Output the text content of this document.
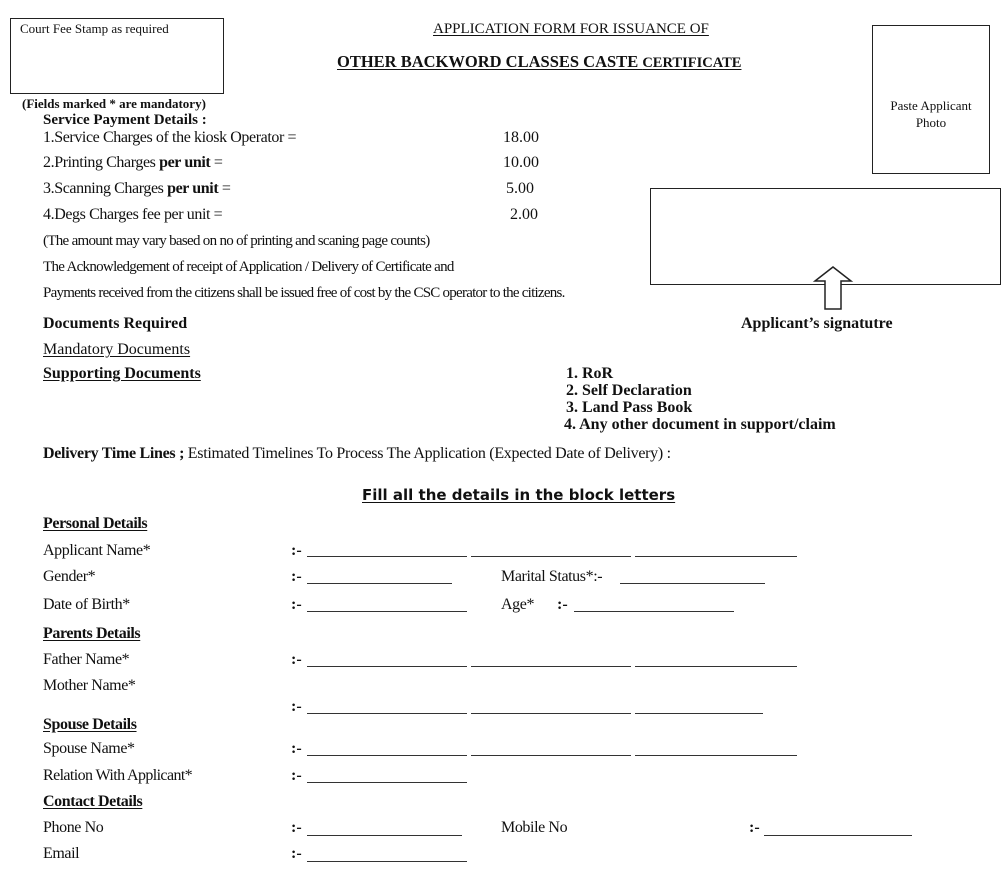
Court Fee Stamp as required	APPLICATION FORM FOR ISSUANCE OF
OTHER BACKWORD CLASSES CASTE CERTIFICATE
Paste Applicant
Photo
(Fields marked * are mandatory)
Service Payment Details :
1.Service Charges of the kiosk Operator =	18.00
2.Printing Charges per unit =	10.00
3.Scanning Charges per unit =	5.00
4.Degs Charges fee per unit =	2.00
(The amount may vary based on no of printing and scaning page counts)
The Acknowledgement of receipt of Application / Delivery of Certificate and
Payments received from the citizens shall be issued free of cost by the CSC operator to the citizens.
Applicant’s signatutre
Documents Required
Mandatory Documents
Supporting Documents	1. RoR
2. Self Declaration
3. Land Pass Book
4. Any other document in support/claim
Delivery Time Lines ; Estimated Timelines To Process The Application (Expected Date of Delivery) :
Fill all the details in the block letters
Personal Details
Applicant Name*	:-
Gender*	:-	Marital Status*:-
Date of Birth*	:-	Age* :-
Parents Details
Father Name*	:-
Mother Name*
:-
Spouse Details
Spouse Name*	:-
Relation With Applicant*	:-
Contact Details
Phone No	:-	Mobile No	:-
Email	:-
